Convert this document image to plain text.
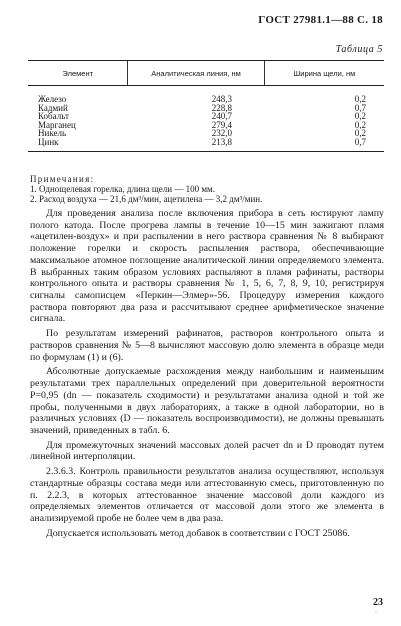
ГОСТ 27981.1—88 С. 18
Таблица 5
Элемент	Аналитическая линия, нм	Ширина щели, нм
Железо	248,3	0,2
Кадмий	228,8	0,7
Кобальт	240,7	0,2
Марганец	279,4	0,2
Никель	232,0	0,2
Цинк	213,8	0,7
Примечания:
1. Однощелевая горелка, длина щели — 100 мм.
2. Расход воздуха — 21,6 дм³/мин, ацетилена — 3,2 дм³/мин.

Для проведения анализа после включения прибора в сеть юстируют лампу полого катода. После прогрева лампы в течение 10—15 мин зажигают пламя «ацетилен-воздух» и при распылении в него раствора сравнения № 8 выбирают положение горелки и скорость распыления раствора, обеспечивающие максимальное атомное поглощение аналитической линии определяемого элемента. В выбранных таким образом условиях распыляют в пламя рафинаты, растворы контрольного опыта и растворы сравнения № 1, 5, 6, 7, 8, 9, 10, регистрируя сигналы самописцем «Перкин—Элмер»-56. Процедуру измерения каждого раствора повторяют два раза и рассчитывают среднее арифметическое значение сигнала.

По результатам измерений рафинатов, растворов контрольного опыта и растворов сравнения № 5—8 вычисляют массовую долю элемента в образце меди по формулам (1) и (6).

Абсолютные допускаемые расхождения между наибольшим и наименьшим результатами трех параллельных определений при доверительной вероятности P=0,95 (dn — показатель сходимости) и результатами анализа одной и той же пробы, полученными в двух лабораториях, а также в одной лаборатории, но в различных условиях (D — показатель воспроизводимости), не должны превышать значений, приведенных в табл. 6.

Для промежуточных значений массовых долей расчет dn и D проводят путем линейной интерполяции.

2.3.6.3. Контроль правильности результатов анализа осуществляют, используя стандартные образцы состава меди или аттестованную смесь, приготовленную по п. 2.2.3, в которых аттестованное значение массовой доли каждого из определяемых элементов отличается от массовой доли этого же элемента в анализируемой пробе не более чем в два раза.

Допускается использовать метод добавок в соответствии с ГОСТ 25086.

23
`
